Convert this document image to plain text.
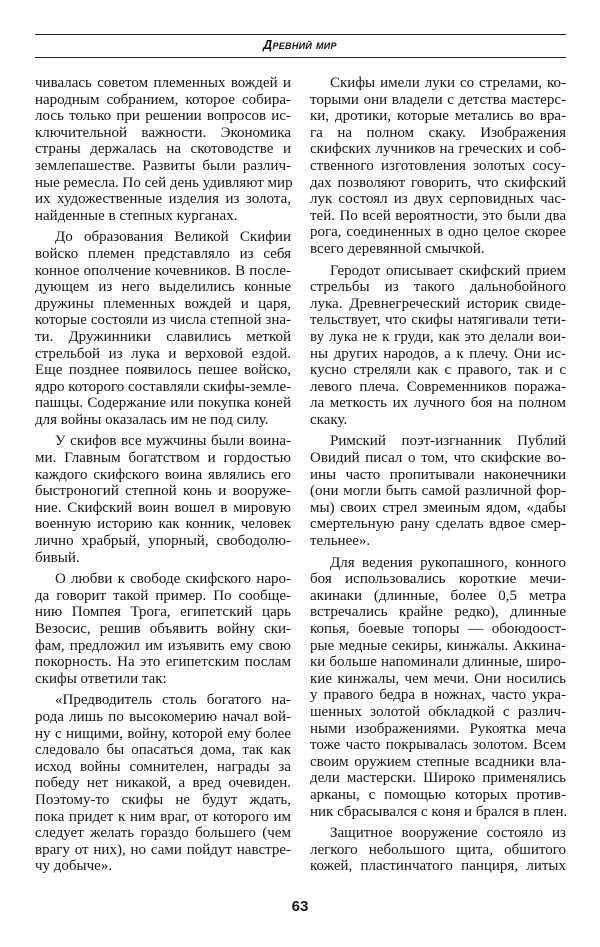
Древний мир
чивалась советом племенных вождей и
народным собранием, которое собира-
лось только при решении вопросов ис-
ключительной важности. Экономика
страны держалась на скотоводстве и
землепашестве. Развиты были различ-
ные ремесла. По сей день удивляют мир
их художественные изделия из золота,
найденные в степных курганах.
До образования Великой Скифии
войско племен представляло из себя
конное ополчение кочевников. В после-
дующем из него выделились конные
дружины племенных вождей и царя,
которые состояли из числа степной зна-
ти. Дружинники славились меткой
стрельбой из лука и верховой ездой.
Еще позднее появилось пешее войско,
ядро которого составляли скифы-земле-
пашцы. Содержание или покупка коней
для войны оказалась им не под силу.
У скифов все мужчины были воина-
ми. Главным богатством и гордостью
каждого скифского воина являлись его
быстроногий степной конь и вооруже-
ние. Скифский воин вошел в мировую
военную историю как конник, человек
лично храбрый, упорный, свободолю-
бивый.
О любви к свободе скифского наро-
да говорит такой пример. По сообще-
нию Помпея Трога, египетский царь
Везосис, решив объявить войну ски-
фам, предложил им изъявить ему свою
покорность. На это египетским послам
скифы ответили так:
«Предводитель столь богатого на-
рода лишь по высокомерию начал вой-
ну с нищими, войну, которой ему более
следовало бы опасаться дома, так как
исход войны сомнителен, награды за
победу нет никакой, а вред очевиден.
Поэтому-то скифы не будут ждать,
пока придет к ним враг, от которого им
следует желать гораздо большего (чем
врагу от них), но сами пойдут навстре-
чу добыче».
Скифы имели луки со стрелами, ко-
торыми они владели с детства мастерс-
ки, дротики, которые метались во вра-
га на полном скаку. Изображения
скифских лучников на греческих и соб-
ственного изготовления золотых сосу-
дах позволяют говорить, что скифский
лук состоял из двух серповидных час-
тей. По всей вероятности, это были два
рога, соединенных в одно целое скорее
всего деревянной смычкой.
Геродот описывает скифский прием
стрельбы из такого дальнобойного
лука. Древнегреческий историк свиде-
тельствует, что скифы натягивали тети-
ву лука не к груди, как это делали вои-
ны других народов, а к плечу. Они ис-
кусно стреляли как с правого, так и с
левого плеча. Современников поража-
ла меткость их лучного боя на полном
скаку.
Римский поэт-изгнанник Публий
Овидий писал о том, что скифские во-
ины часто пропитывали наконечники
(они могли быть самой различной фор-
мы) своих стрел змеиным ядом, «дабы
смертельную рану сделать вдвое смер-
тельнее».
Для ведения рукопашного, конного
боя использовались короткие мечи-
акинаки (длинные, более 0,5 метра
встречались крайне редко), длинные
копья, боевые топоры — обоюдоост-
рые медные секиры, кинжалы. Аккина-
ки больше напоминали длинные, широ-
кие кинжалы, чем мечи. Они носились
у правого бедра в ножнах, часто укра-
шенных золотой обкладкой с различ-
ными изображениями. Рукоятка меча
тоже часто покрывалась золотом. Всем
своим оружием степные всадники вла-
дели мастерски. Широко применялись
арканы, с помощью которых против-
ник сбрасывался с коня и брался в плен.
Защитное вооружение состояло из
легкого небольшого щита, обшитого
кожей, пластинчатого панциря, литых
63
